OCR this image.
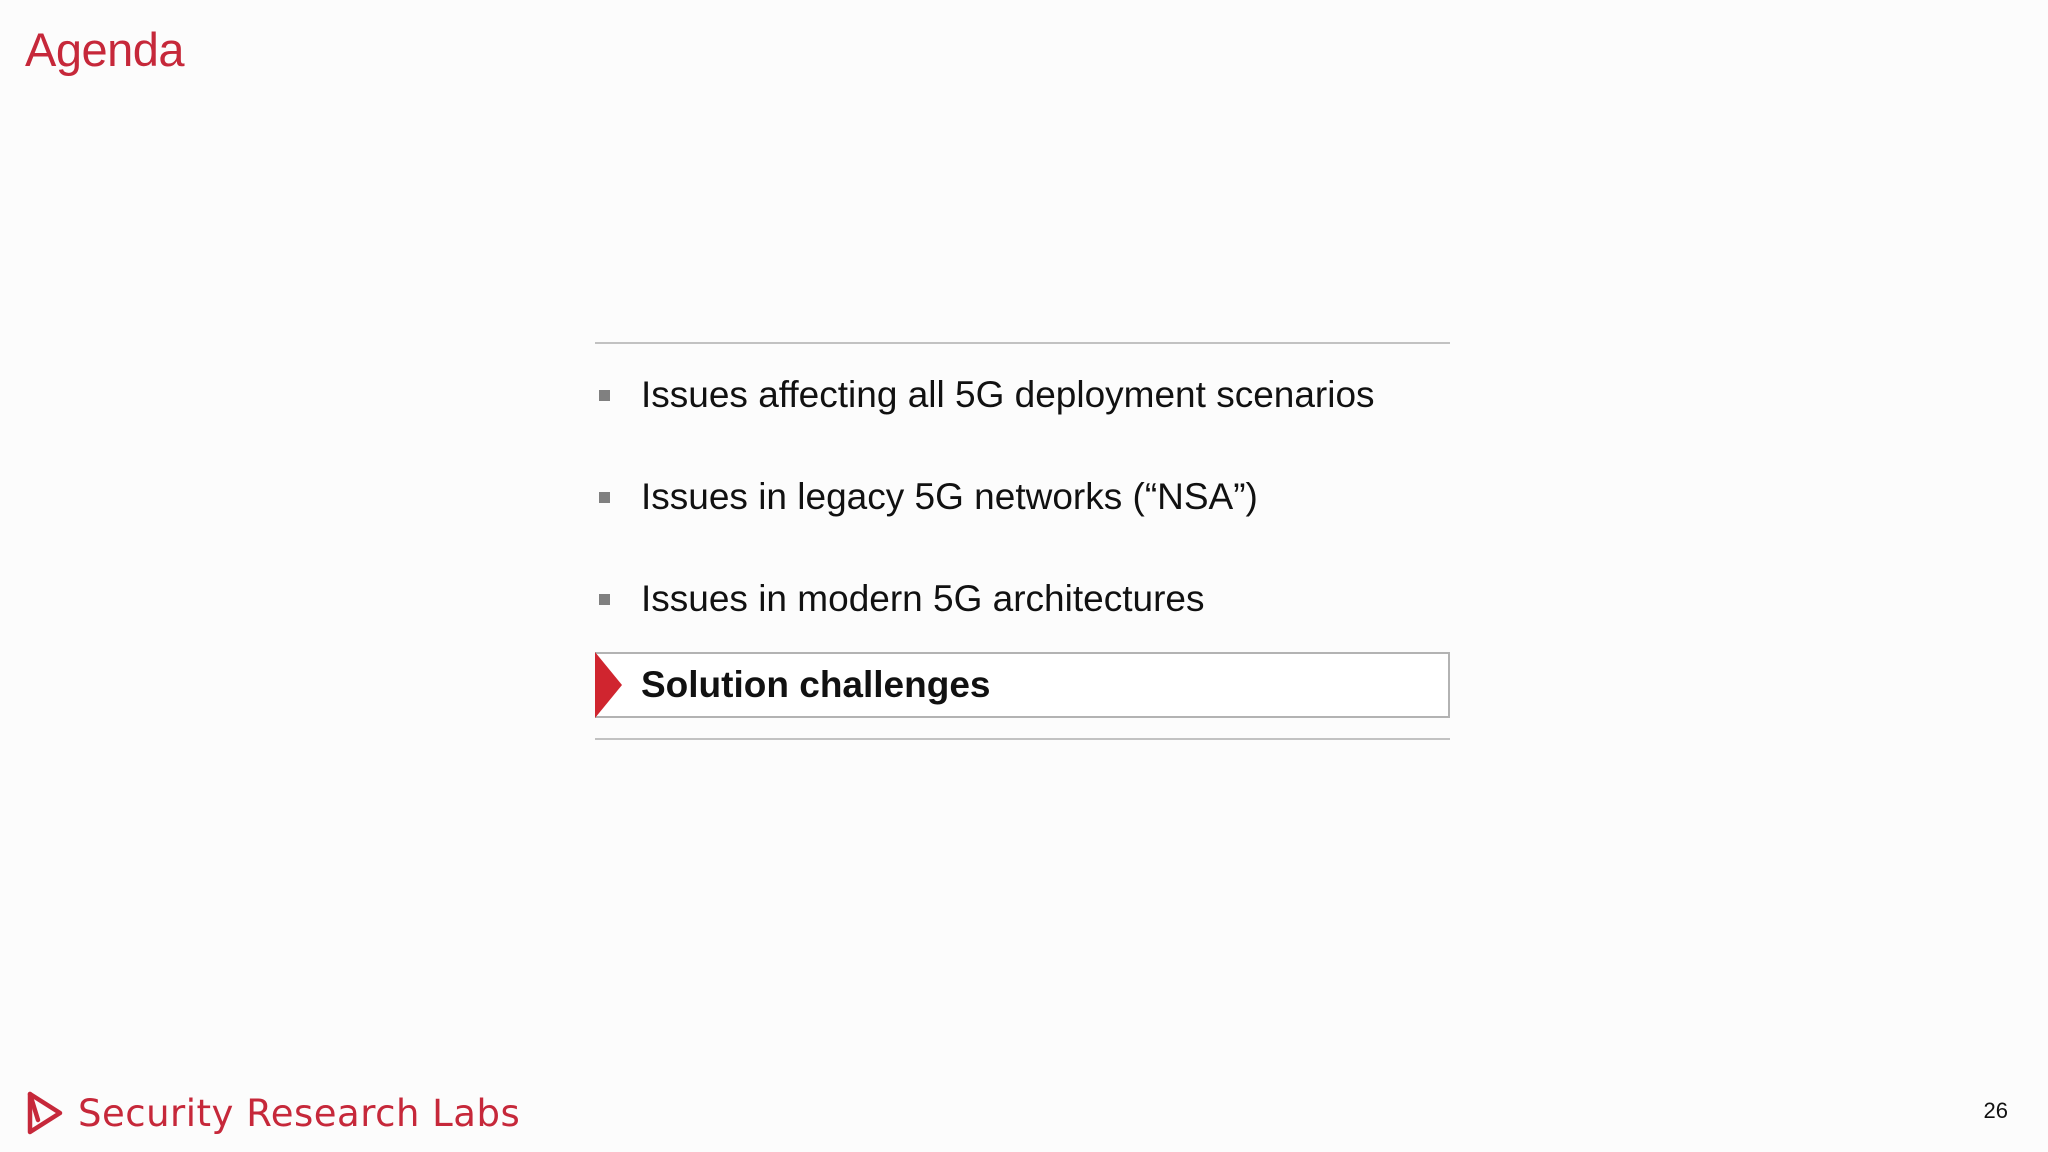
Agenda
Issues affecting all 5G deployment scenarios
Issues in legacy 5G networks (“NSA”)
Issues in modern 5G architectures
Solution challenges
Security Research Labs	26
